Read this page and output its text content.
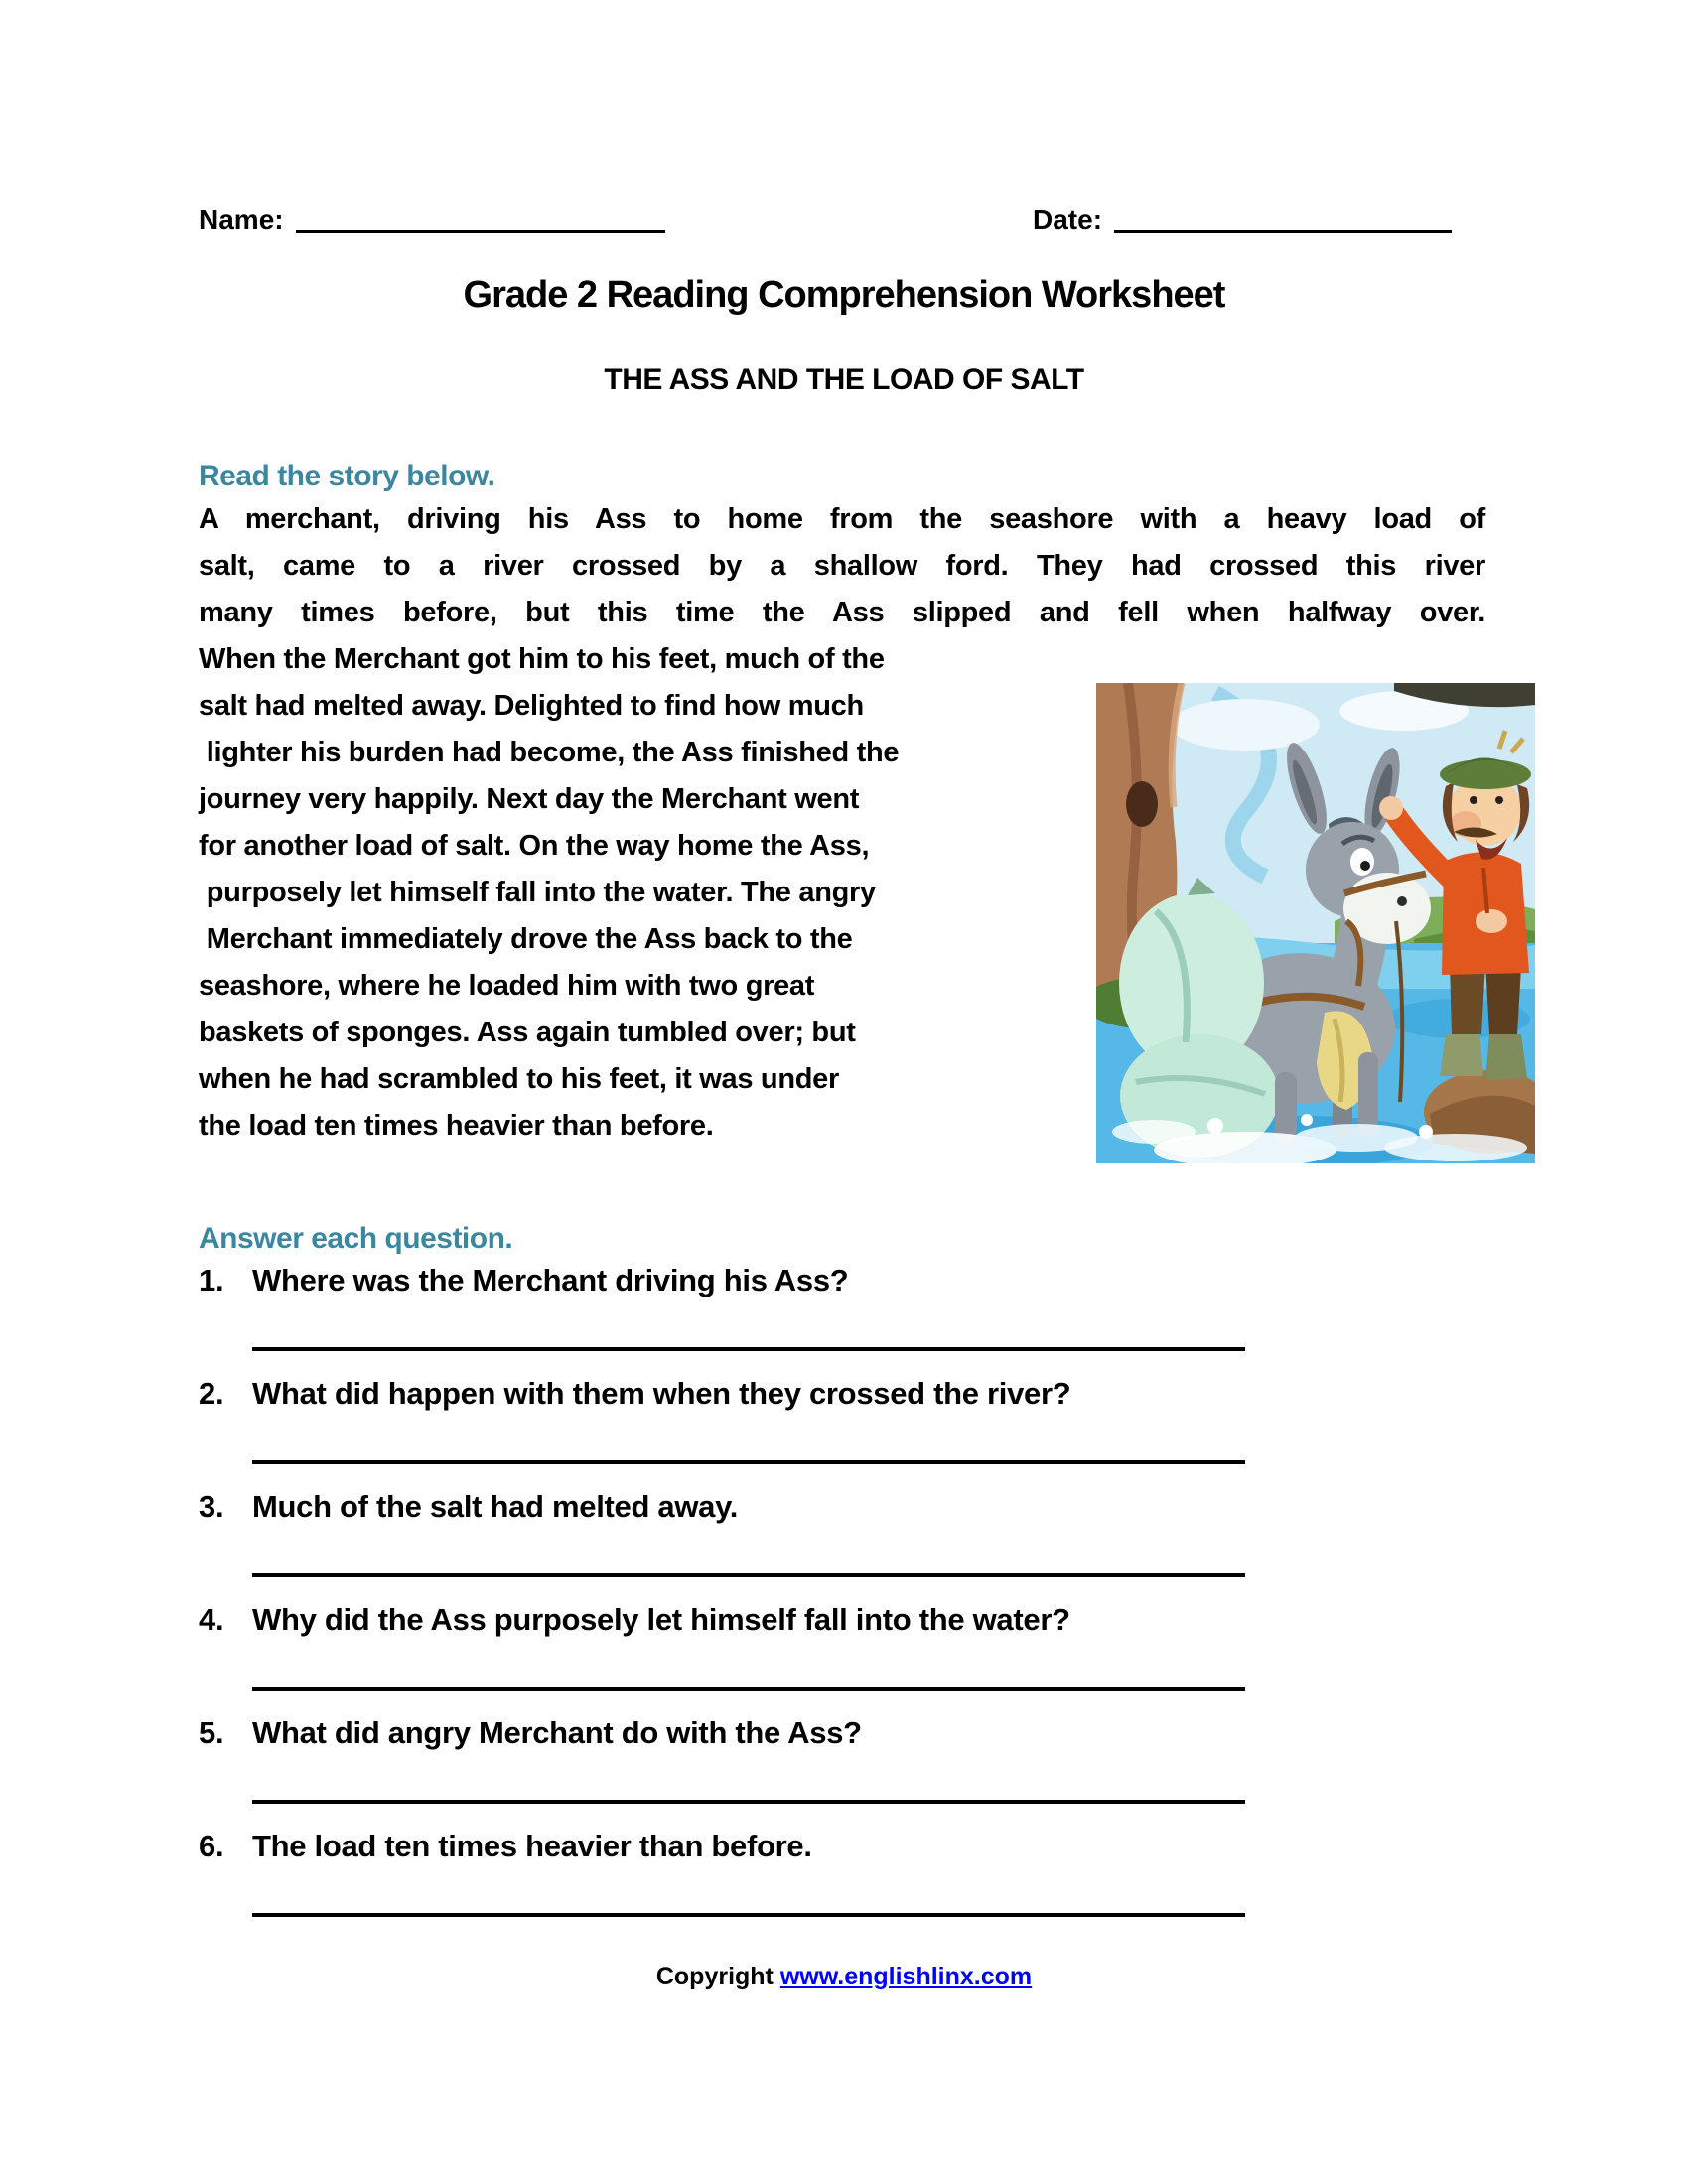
Name:	Date:
Grade 2 Reading Comprehension Worksheet
THE ASS AND THE LOAD OF SALT
Read the story below.
A merchant, driving his Ass to home from the seashore with a heavy load of
salt, came to a river crossed by a shallow ford. They had crossed this river
many times before, but this time the Ass slipped and fell when halfway over.
When the Merchant got him to his feet, much of the
salt had melted away. Delighted to find how much
lighter his burden had become, the Ass finished the
journey very happily. Next day the Merchant went
for another load of salt. On the way home the Ass,
purposely let himself fall into the water. The angry
Merchant immediately drove the Ass back to the
seashore, where he loaded him with two great
baskets of sponges. Ass again tumbled over; but
when he had scrambled to his feet, it was under
the load ten times heavier than before.
Answer each question.
1. Where was the Merchant driving his Ass?
2. What did happen with them when they crossed the river?
3. Much of the salt had melted away.
4. Why did the Ass purposely let himself fall into the water?
5. What did angry Merchant do with the Ass?
6. The load ten times heavier than before.
Copyright www.englishlinx.com
